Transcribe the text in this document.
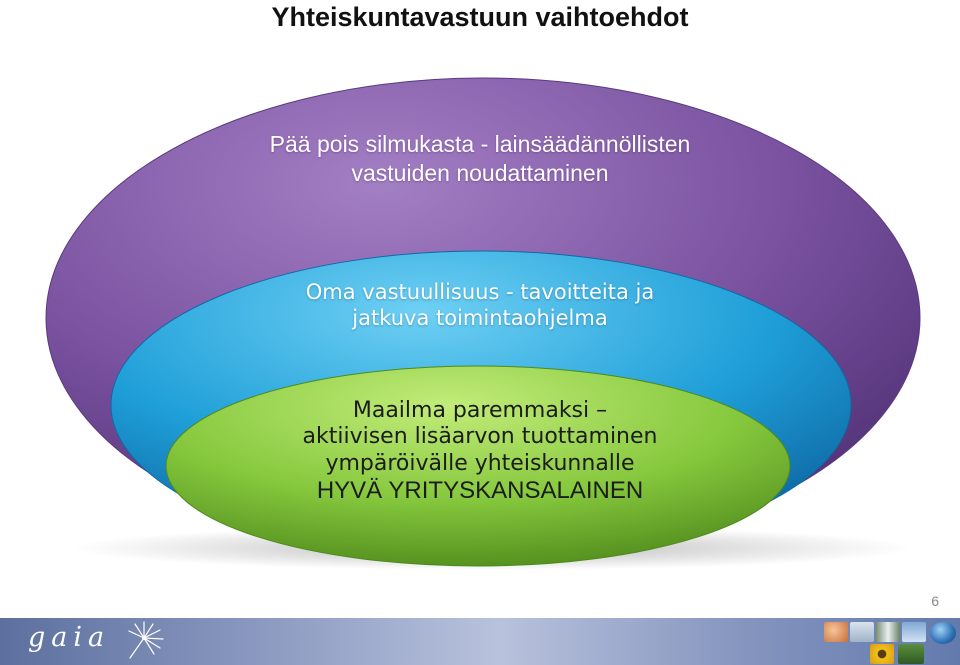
Yhteiskuntavastuun vaihtoehdot
Pää pois silmukasta - lainsäädännöllisten
vastuiden noudattaminen
Oma vastuullisuus - tavoitteita ja
jatkuva toimintaohjelma
Maailma paremmaksi –
aktiivisen lisäarvon tuottaminen
ympäröivälle yhteiskunnalle
HYVÄ YRITYSKANSALAINEN
6
gaia
